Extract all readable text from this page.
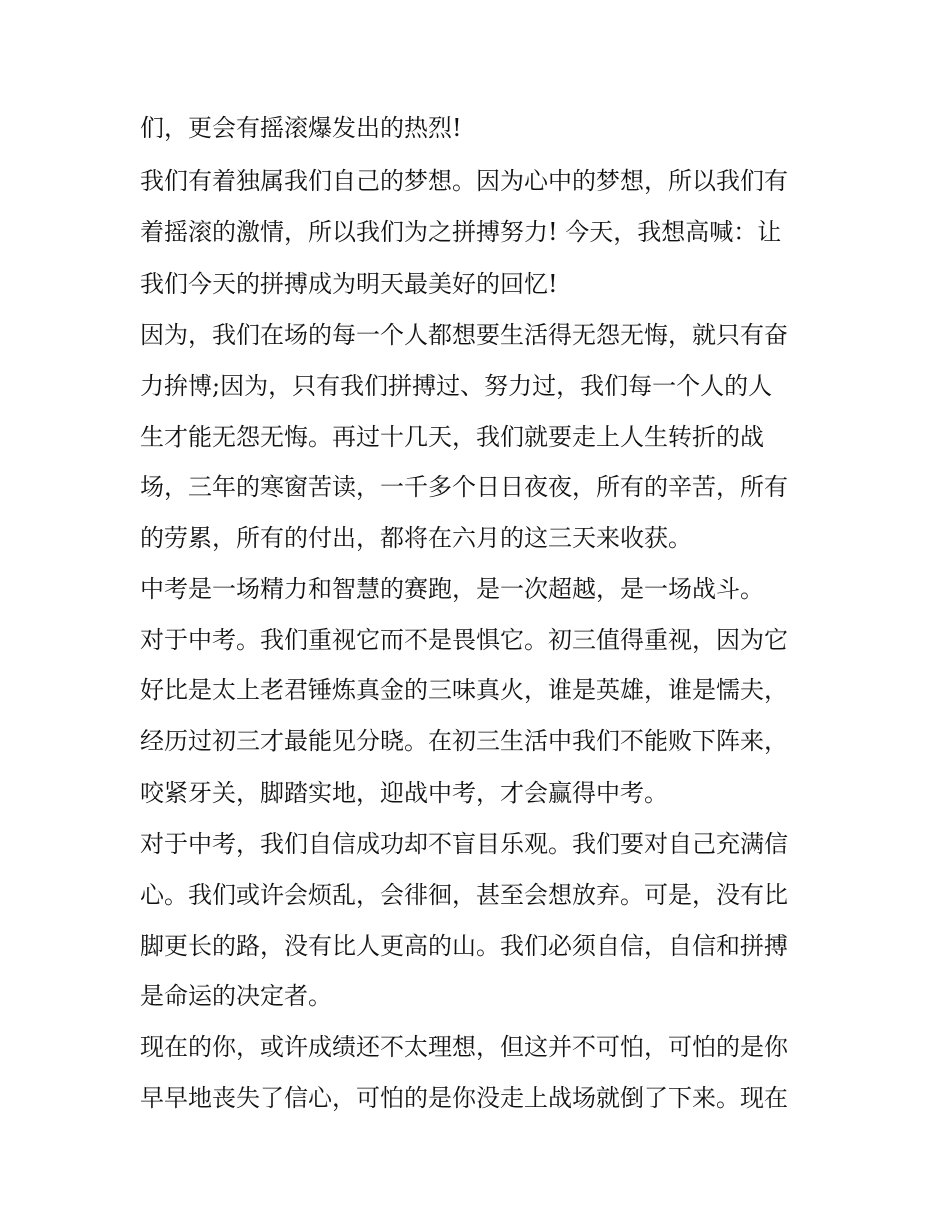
们，更会有摇滚爆发出的热烈!

我们有着独属我们自己的梦想。因为心中的梦想，所以我们有

着摇滚的激情，所以我们为之拼搏努力! 今天，我想高喊：让

我们今天的拼搏成为明天最美好的回忆!

因为，我们在场的每一个人都想要生活得无怨无悔，就只有奋

力拚博;因为，只有我们拼搏过、努力过，我们每一个人的人

生才能无怨无悔。再过十几天，我们就要走上人生转折的战

场，三年的寒窗苦读，一千多个日日夜夜，所有的辛苦，所有

的劳累，所有的付出，都将在六月的这三天来收获。

中考是一场精力和智慧的赛跑，是一次超越，是一场战斗。

对于中考。我们重视它而不是畏惧它。初三值得重视，因为它

好比是太上老君锤炼真金的三味真火，谁是英雄，谁是懦夫，

经历过初三才最能见分晓。在初三生活中我们不能败下阵来，

咬紧牙关，脚踏实地，迎战中考，才会赢得中考。

对于中考，我们自信成功却不盲目乐观。我们要对自己充满信

心。我们或许会烦乱，会徘徊，甚至会想放弃。可是，没有比

脚更长的路，没有比人更高的山。我们必须自信，自信和拼搏

是命运的决定者。

现在的你，或许成绩还不太理想，但这并不可怕，可怕的是你

早早地丧失了信心，可怕的是你没走上战场就倒了下来。现在
